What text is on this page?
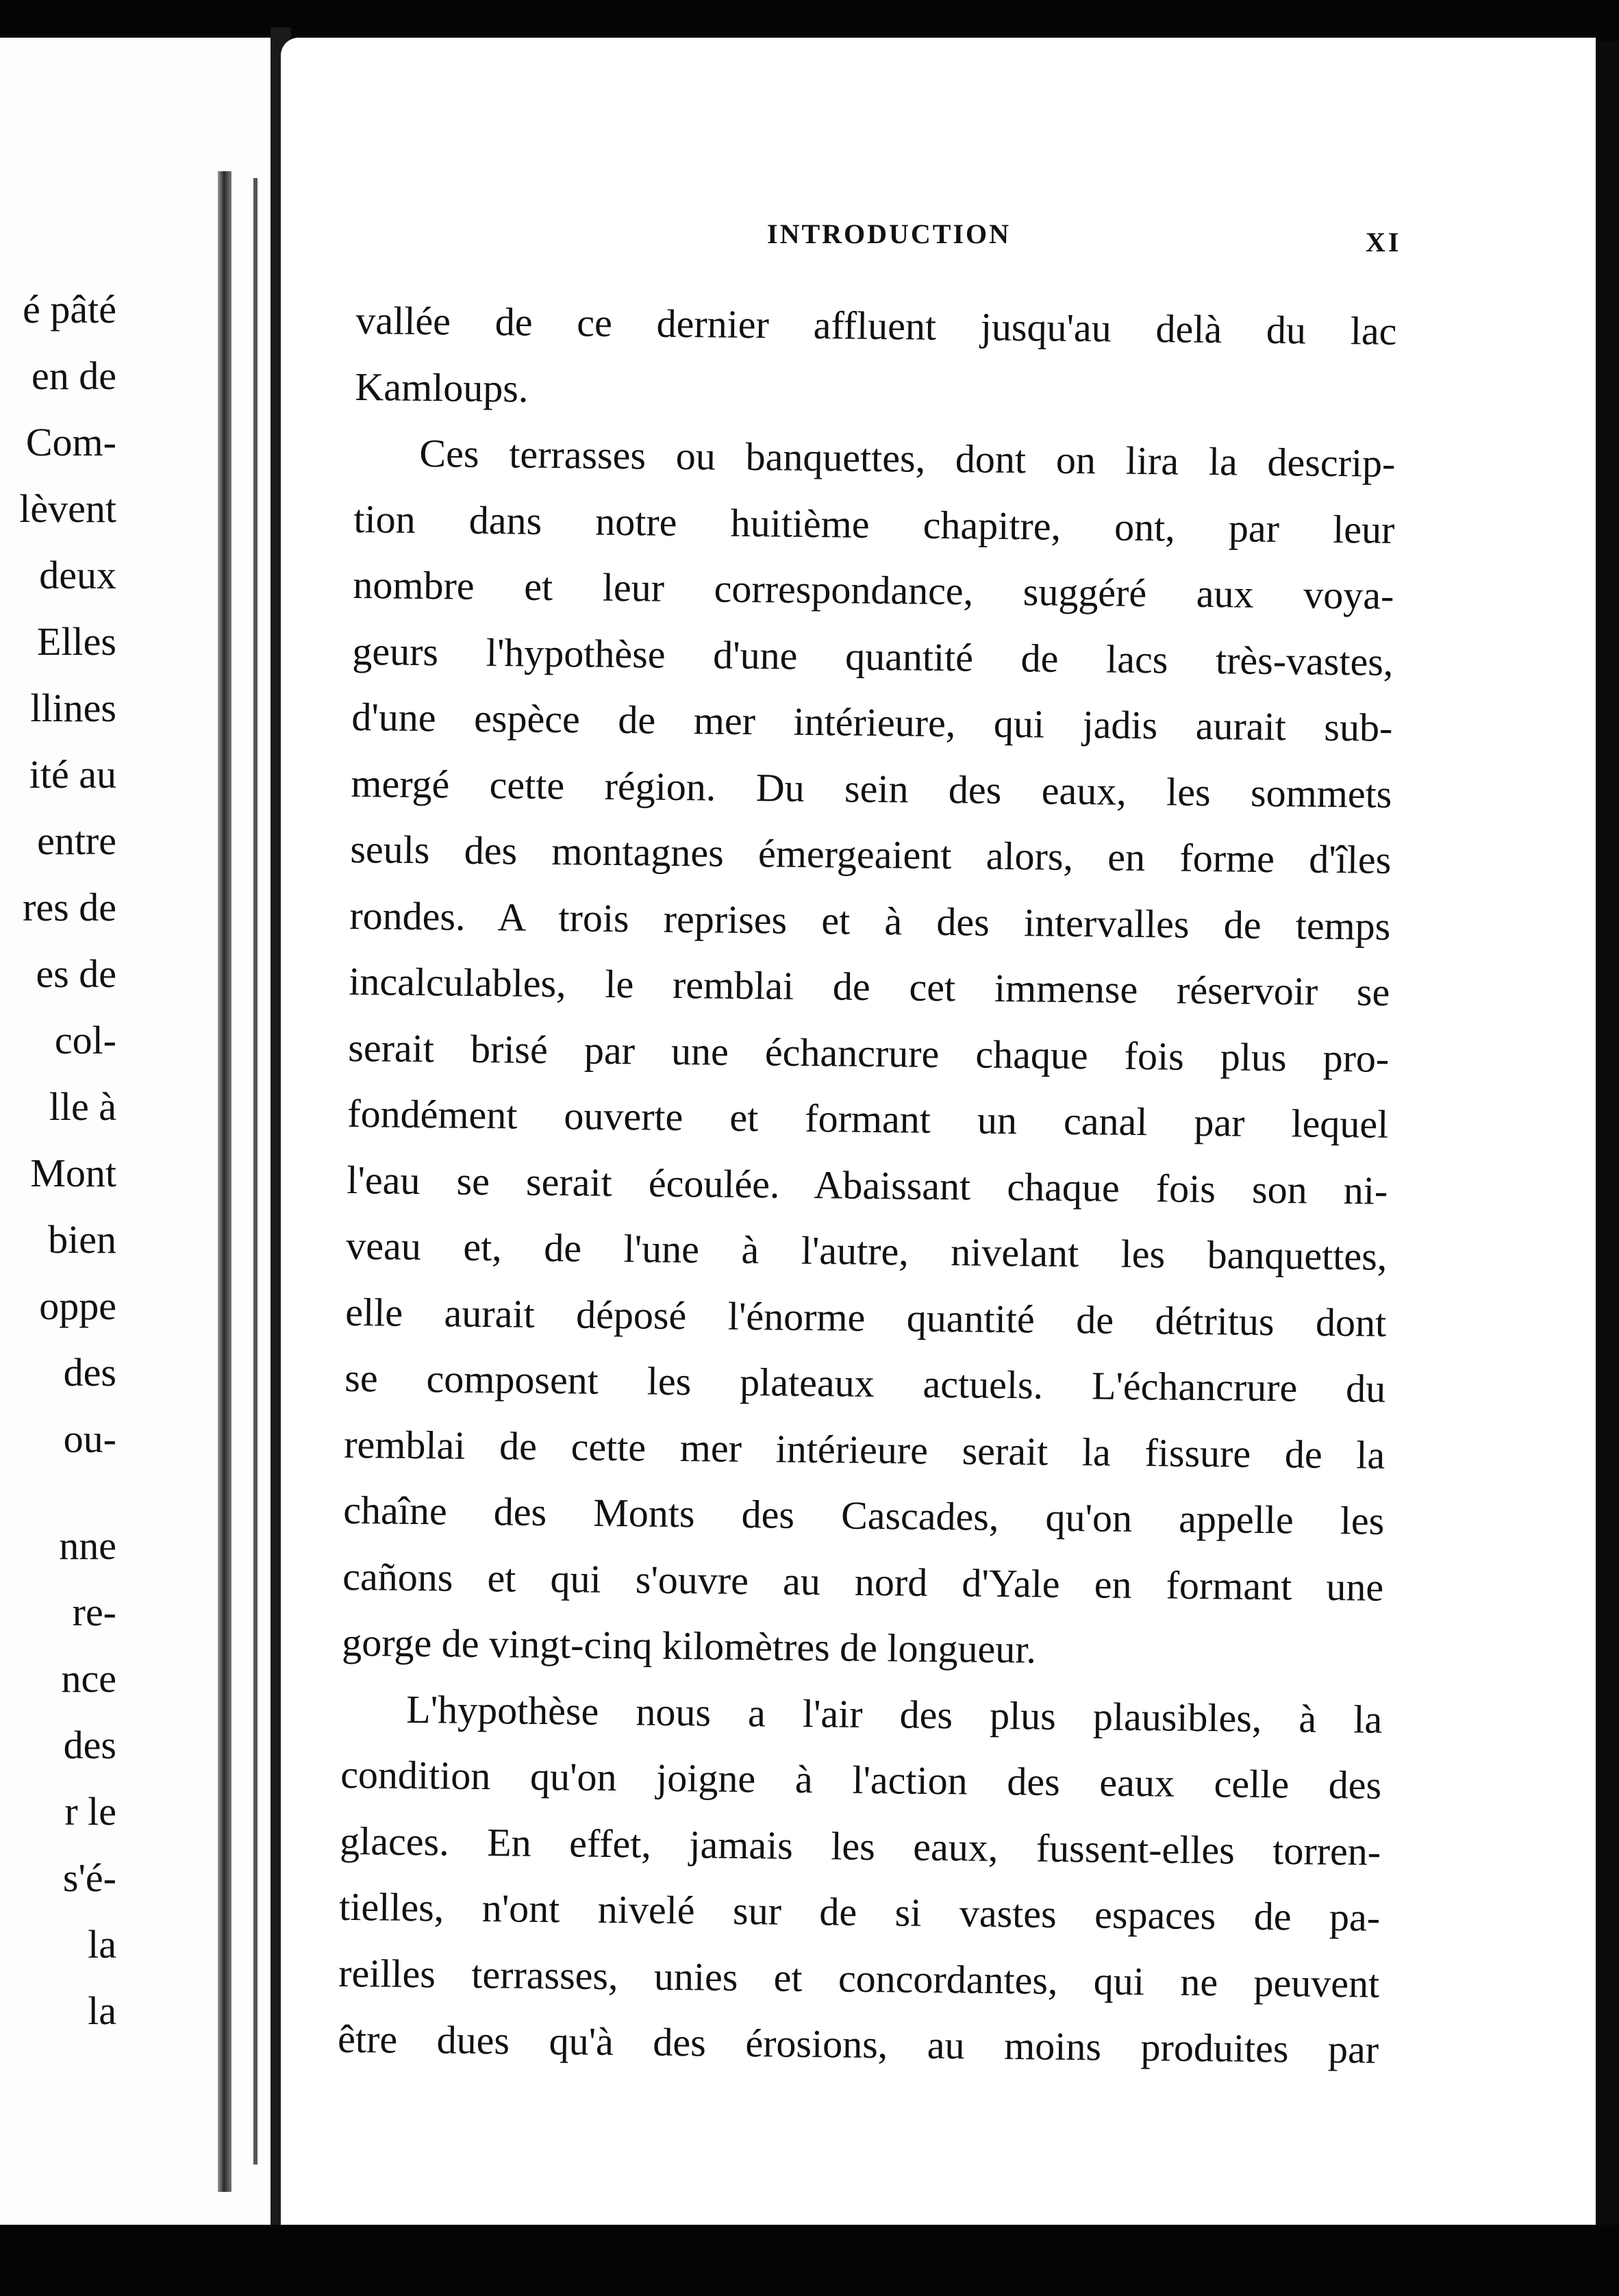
é pâté
en de
Com-
lèvent
deux
Elles
llines
ité au
entre
res de
es de
col-
lle à
Mont
bien
oppe
des
ou-
nne
re-
nce
des
r le
s'é-
la
la
INTRODUCTION	XI
vallée de ce dernier affluent jusqu'au delà du lac
Kamloups.
Ces terrasses ou banquettes, dont on lira la descrip-
tion dans notre huitième chapitre, ont, par leur
nombre et leur correspondance, suggéré aux voya-
geurs l'hypothèse d'une quantité de lacs très-vastes,
d'une espèce de mer intérieure, qui jadis aurait sub-
mergé cette région. Du sein des eaux, les sommets
seuls des montagnes émergeaient alors, en forme d'îles
rondes. A trois reprises et à des intervalles de temps
incalculables, le remblai de cet immense réservoir se
serait brisé par une échancrure chaque fois plus pro-
fondément ouverte et formant un canal par lequel
l'eau se serait écoulée. Abaissant chaque fois son ni-
veau et, de l'une à l'autre, nivelant les banquettes,
elle aurait déposé l'énorme quantité de détritus dont
se composent les plateaux actuels. L'échancrure du
remblai de cette mer intérieure serait la fissure de la
chaîne des Monts des Cascades, qu'on appelle les
cañons et qui s'ouvre au nord d'Yale en formant une
gorge de vingt-cinq kilomètres de longueur.
L'hypothèse nous a l'air des plus plausibles, à la
condition qu'on joigne à l'action des eaux celle des
glaces. En effet, jamais les eaux, fussent-elles torren-
tielles, n'ont nivelé sur de si vastes espaces de pa-
reilles terrasses, unies et concordantes, qui ne peuvent
être dues qu'à des érosions, au moins produites par
